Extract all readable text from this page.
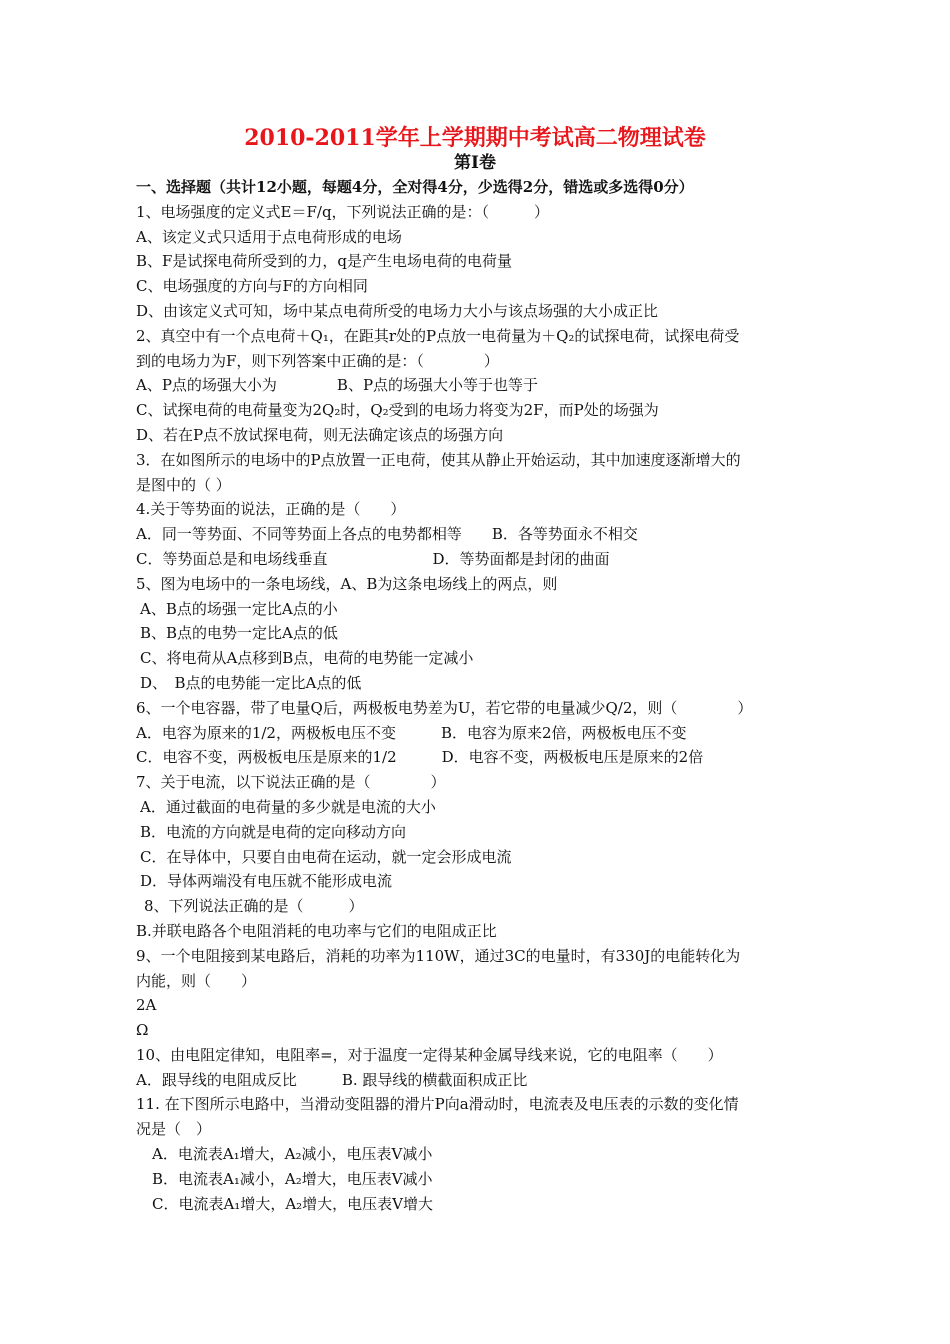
2010-2011学年上学期期中考试高二物理试卷
第Ⅰ卷
一、选择题（共计12小题，每题4分，全对得4分，少选得2分，错选或多选得0分）
1、电场强度的定义式E＝F/q，下列说法正确的是：（　　　）
A、该定义式只适用于点电荷形成的电场
B、F是试探电荷所受到的力，q是产生电场电荷的电荷量
C、电场强度的方向与F的方向相同
D、由该定义式可知，场中某点电荷所受的电场力大小与该点场强的大小成正比
2、真空中有一个点电荷＋Q₁，在距其r处的P点放一电荷量为＋Q₂的试探电荷，试探电荷受
到的电场力为F，则下列答案中正确的是：（　　　　）
A、P点的场强大小为　　　　B、P点的场强大小等于也等于
C、试探电荷的电荷量变为2Q₂时，Q₂受到的电场力将变为2F，而P处的场强为
D、若在P点不放试探电荷，则无法确定该点的场强方向
3．在如图所示的电场中的P点放置一正电荷，使其从静止开始运动，其中加速度逐渐增大的
是图中的（ ）
4.关于等势面的说法，正确的是（　　）
A．同一等势面、不同等势面上各点的电势都相等　　B．各等势面永不相交
C．等势面总是和电场线垂直　　　　　　　D．等势面都是封闭的曲面
5、图为电场中的一条电场线，A、B为这条电场线上的两点，则
A、B点的场强一定比A点的小
B、B点的电势一定比A点的低
C、将电荷从A点移到B点，电荷的电势能一定减小
D、　B点的电势能一定比A点的低
6、一个电容器，带了电量Q后，两极板电势差为U，若它带的电量减少Q/2，则（　　　　）
A．电容为原来的1/2，两极板电压不变　　　B．电容为原来2倍，两极板电压不变
C．电容不变，两极板电压是原来的1/2　　　D．电容不变，两极板电压是原来的2倍
7、关于电流，以下说法正确的是（　　　　）
A．通过截面的电荷量的多少就是电流的大小
B．电流的方向就是电荷的定向移动方向
C．在导体中，只要自由电荷在运动，就一定会形成电流
D．导体两端没有电压就不能形成电流
8、下列说法正确的是（　　　）
B.并联电路各个电阻消耗的电功率与它们的电阻成正比
9、一个电阻接到某电路后，消耗的功率为110W，通过3C的电量时，有330J的电能转化为
内能，则（　　）
2A
Ω
10、由电阻定律知，电阻率=，对于温度一定得某种金属导线来说，它的电阻率（　　）
A．跟导线的电阻成反比　　　B. 跟导线的横截面积成正比
11. 在下图所示电路中，当滑动变阻器的滑片P向a滑动时，电流表及电压表的示数的变化情
况是（　）
A．电流表A₁增大，A₂减小，电压表V减小
B．电流表A₁减小，A₂增大，电压表V减小
C．电流表A₁增大，A₂增大，电压表V增大
